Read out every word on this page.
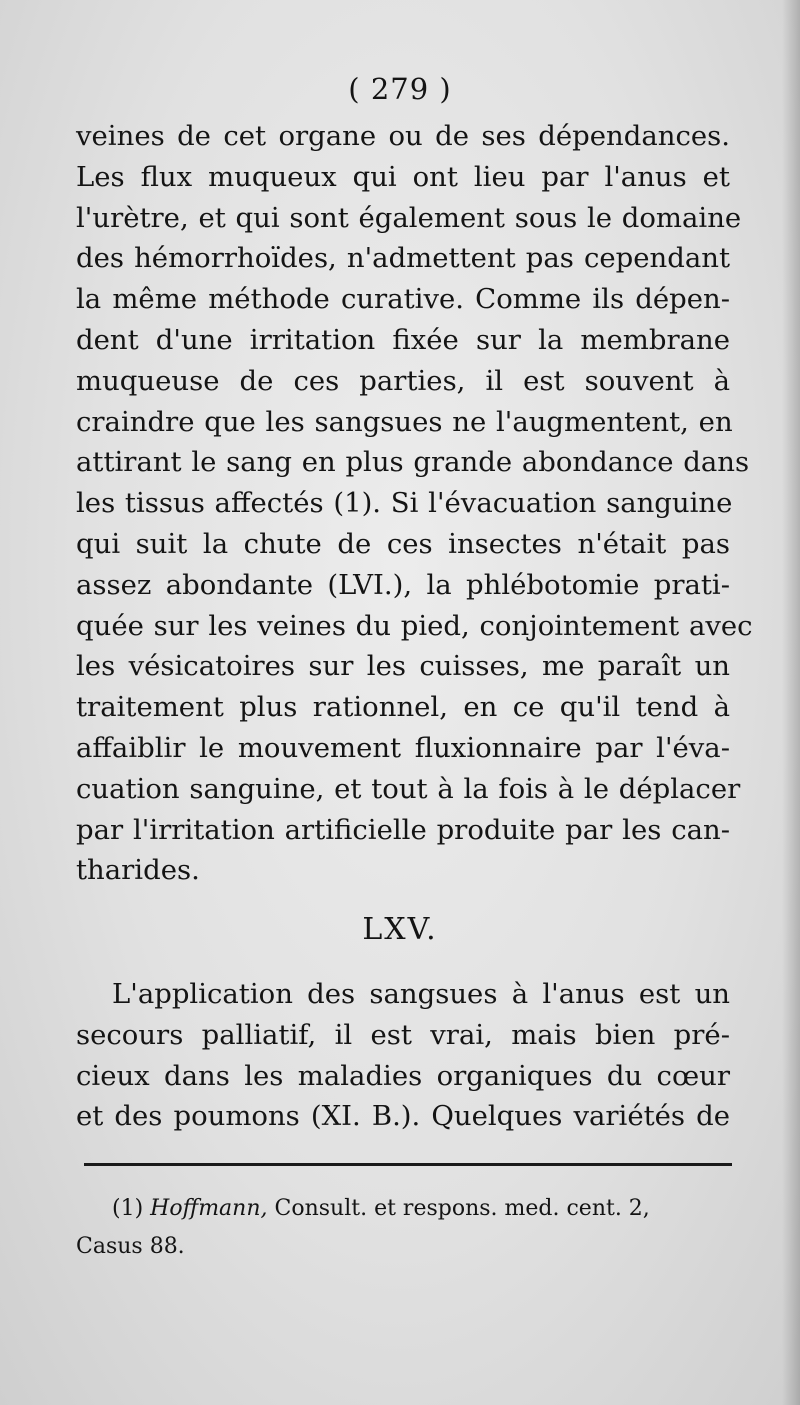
( 279 )
veines de cet organe ou de ses dépendances.
Les flux muqueux qui ont lieu par l'anus et
l'urètre, et qui sont également sous le domaine
des hémorrhoïdes, n'admettent pas cependant
la même méthode curative. Comme ils dépen-
dent d'une irritation fixée sur la membrane
muqueuse de ces parties, il est souvent à
craindre que les sangsues ne l'augmentent, en
attirant le sang en plus grande abondance dans
les tissus affectés (1). Si l'évacuation sanguine
qui suit la chute de ces insectes n'était pas
assez abondante (LVI.), la phlébotomie prati-
quée sur les veines du pied, conjointement avec
les vésicatoires sur les cuisses, me paraît un
traitement plus rationnel, en ce qu'il tend à
affaiblir le mouvement fluxionnaire par l'éva-
cuation sanguine, et tout à la fois à le déplacer
par l'irritation artificielle produite par les can-
tharides.
LXV.
L'application des sangsues à l'anus est un
secours palliatif, il est vrai, mais bien pré-
cieux dans les maladies organiques du cœur
et des poumons (XI. B.). Quelques variétés de
(1) Hoffmann, Consult. et respons. med. cent. 2,
Casus 88.
